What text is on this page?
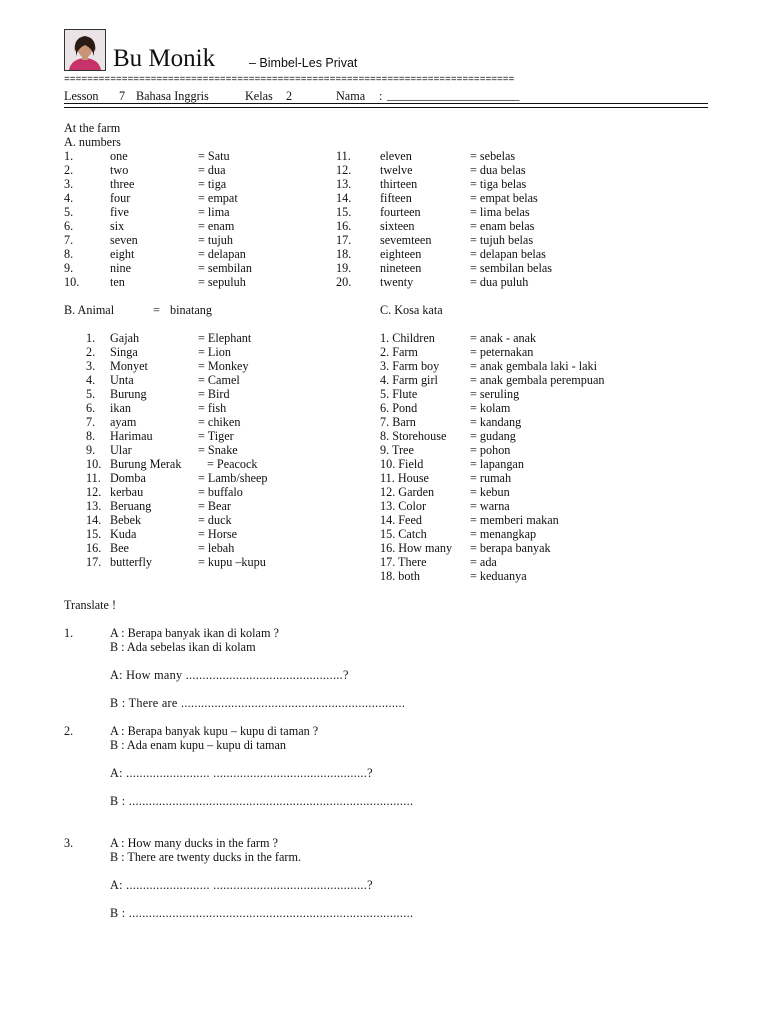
Bu Monik	– Bimbel-Les Privat
==============================================================================
Lesson 7 Bahasa Inggris	Kelas 2	Nama : _______________________
At the farm
A. numbers
1.	one	= Satu
2.	two	= dua
3.	three	= tiga
4.	four	= empat
5.	five	= lima
6.	six	= enam
7.	seven	= tujuh
8.	eight	= delapan
9.	nine	= sembilan
10.	ten	= sepuluh
11. eleven	= sebelas
12. twelve	= dua belas
13. thirteen	= tiga belas
14. fifteen	= empat belas
15. fourteen	= lima belas
16. sixteen	= enam belas
17. sevemteen	= tujuh belas
18. eighteen	= delapan belas
19. nineteen	= sembilan belas
20. twenty	= dua puluh
B. Animal	= binatang	C. Kosa kata
1. Gajah	= Elephant
2. Singa	= Lion
3. Monyet	= Monkey
4. Unta	= Camel
5. Burung	= Bird
6. ikan	= fish
7. ayam	= chiken
8. Harimau	= Tiger
9. Ular	= Snake
10. Burung Merak = Peacock
11. Domba	= Lamb/sheep
12. kerbau	= buffalo
13. Beruang	= Bear
14. Bebek	= duck
15. Kuda	= Horse
16. Bee	= lebah
17. butterfly	= kupu –kupu
1. Children	= anak - anak
2. Farm	= peternakan
3. Farm boy	= anak gembala laki - laki
4. Farm girl	= anak gembala perempuan
5. Flute	= seruling
6. Pond	= kolam
7. Barn	= kandang
8. Storehouse = gudang
9. Tree	= pohon
10. Field	= lapangan
11. House	= rumah
12. Garden	= kebun
13. Color	= warna
14. Feed	= memberi makan
15. Catch	= menangkap
16. How many = berapa banyak
17. There	= ada
18. both	= keduanya
Translate !
1.	A : Berapa banyak ikan di kolam ?
B : Ada sebelas ikan di kolam
A: How many ...............................................?
B : There are ...................................................................
2.	A : Berapa banyak kupu – kupu di taman ?
B : Ada enam kupu – kupu di taman
A: ......................... ..............................................?
B : .....................................................................................
3.	A : How many ducks in the farm ?
B : There are twenty ducks in the farm.
A: ......................... ..............................................?
B : .....................................................................................
